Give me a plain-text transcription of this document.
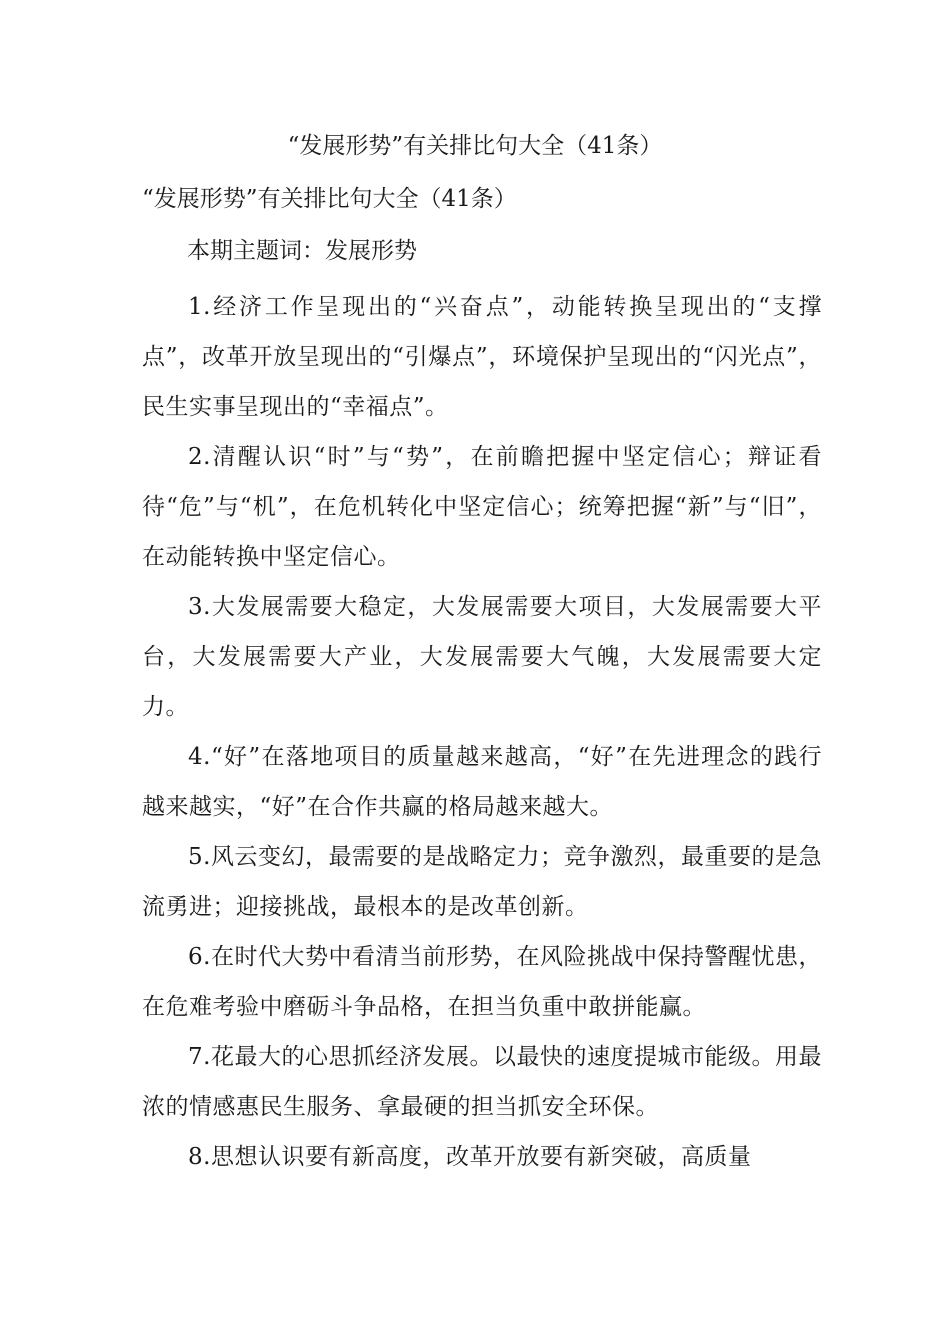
“发展形势”有关排比句大全（41条）
“发展形势”有关排比句大全（41条）

本期主题词：发展形势

1.经济工作呈现出的“兴奋点”，动能转换呈现出的“支撑点”，改革开放呈现出的“引爆点”，环境保护呈现出的“闪光点”，民生实事呈现出的“幸福点”。

2.清醒认识“时”与“势”，在前瞻把握中坚定信心；辩证看待“危”与“机”，在危机转化中坚定信心；统筹把握“新”与“旧”，在动能转换中坚定信心。

3.大发展需要大稳定，大发展需要大项目，大发展需要大平台，大发展需要大产业，大发展需要大气魄，大发展需要大定力。

4.“好”在落地项目的质量越来越高，“好”在先进理念的践行越来越实，“好”在合作共赢的格局越来越大。

5.风云变幻，最需要的是战略定力；竞争激烈，最重要的是急流勇进；迎接挑战，最根本的是改革创新。

6.在时代大势中看清当前形势，在风险挑战中保持警醒忧患，在危难考验中磨砺斗争品格，在担当负重中敢拼能赢。

7.花最大的心思抓经济发展。以最快的速度提城市能级。用最浓的情感惠民生服务、拿最硬的担当抓安全环保。

8.思想认识要有新高度，改革开放要有新突破，高质量
